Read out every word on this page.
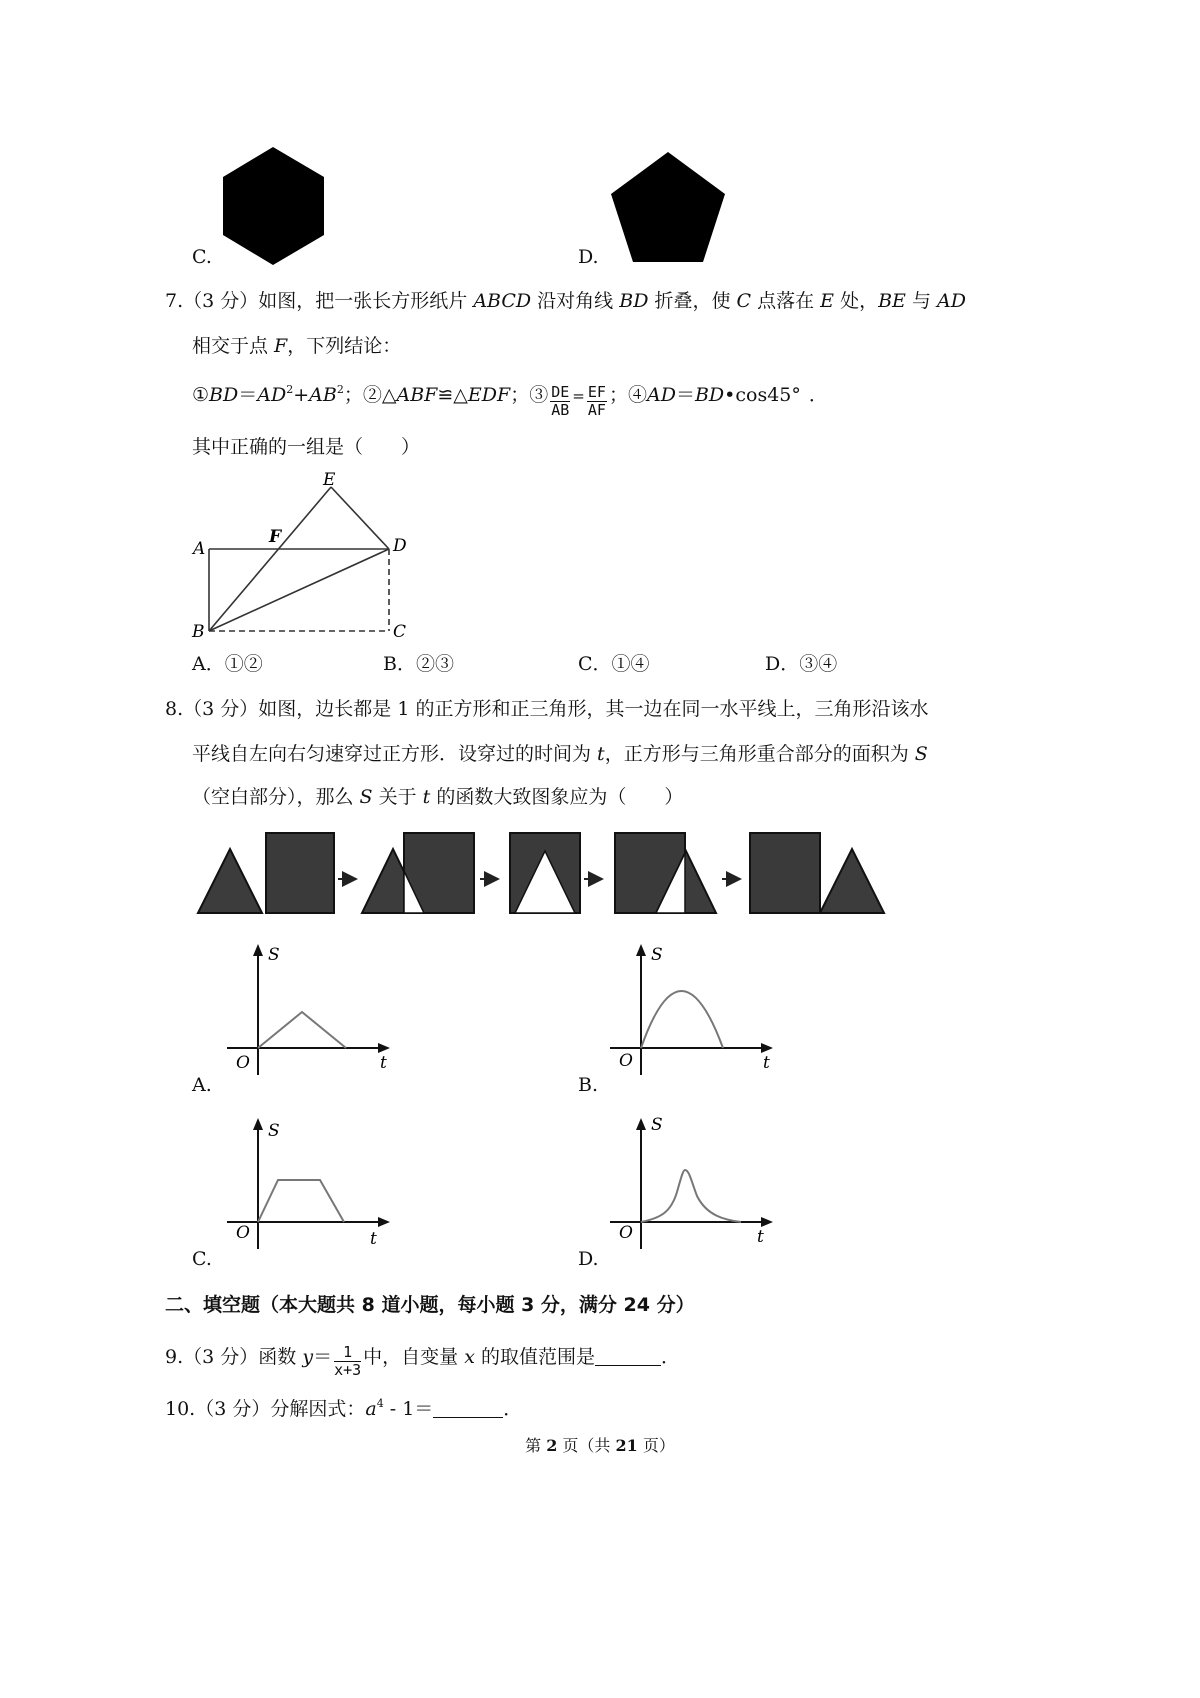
C.	D.
7.（3 分）如图，把一张长方形纸片 ABCD 沿对角线 BD 折叠，使 C 点落在 E 处，BE 与 AD
相交于点 F，下列结论：
$①BD=AD^2+AB^2$；②△ABF≌△EDF；③ $\frac{DE}{AB} = \frac{EF}{AF}$ ；④AD＝BD•cos45° ．
其中正确的一组是（　　）
A
B	C
D
E
F
A．①②	B．②③	C．①④	D．③④
8.（3 分）如图，边长都是 1 的正方形和正三角形，其一边在同一水平线上，三角形沿该水
平线自左向右匀速穿过正方形．设穿过的时间为 t，正方形与三角形重合部分的面积为 S
（空白部分），那么 S 关于 t 的函数大致图象应为（　　）
S
t
O
A.
S
t
O
B.
S
t
O
C.
S
t
O
D.
二、填空题（本大题共 8 道小题，每小题 3 分，满分 24 分）
9.（3 分）函数 $y= \frac{1}{x+3}$ 中，自变量 x 的取值范围是	．
10.（3 分）分解因式：$a^4 - 1=$	．
第 2 页（共 21 页）
